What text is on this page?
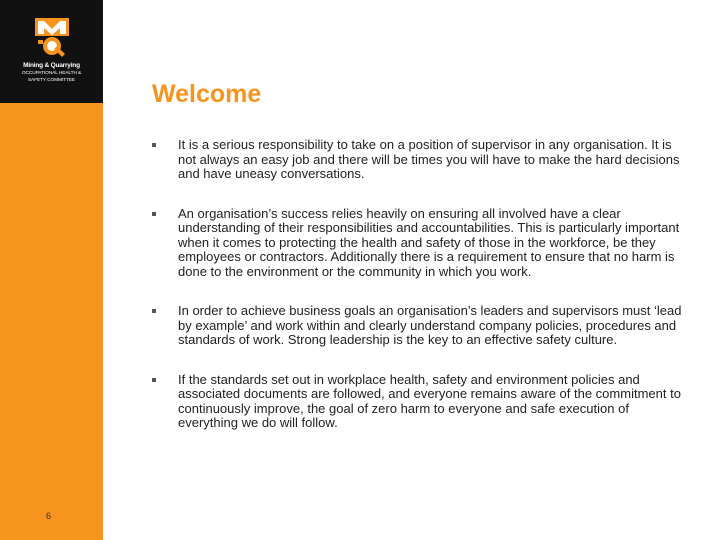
Mining & Quarrying
OCCUPATIONAL HEALTH &
SAFETY COMMITTEE	Welcome
It is a serious responsibility to take on a position of supervisor in any organisation. It is not always an easy job and there will be times you will have to make the hard decisions and have uneasy conversations.
An organisation’s success relies heavily on ensuring all involved have a clear understanding of their responsibilities and accountabilities. This is particularly important when it comes to protecting the health and safety of those in the workforce, be they employees or contractors. Additionally there is a requirement to ensure that no harm is done to the environment or the community in which you work.
In order to achieve business goals an organisation’s leaders and supervisors must ‘lead by example’ and work within and clearly understand company policies, procedures and standards of work. Strong leadership is the key to an effective safety culture.
If the standards set out in workplace health, safety and environment policies and associated documents are followed, and everyone remains aware of the commitment to continuously improve, the goal of zero harm to everyone and safe execution of everything we do will follow.
6
